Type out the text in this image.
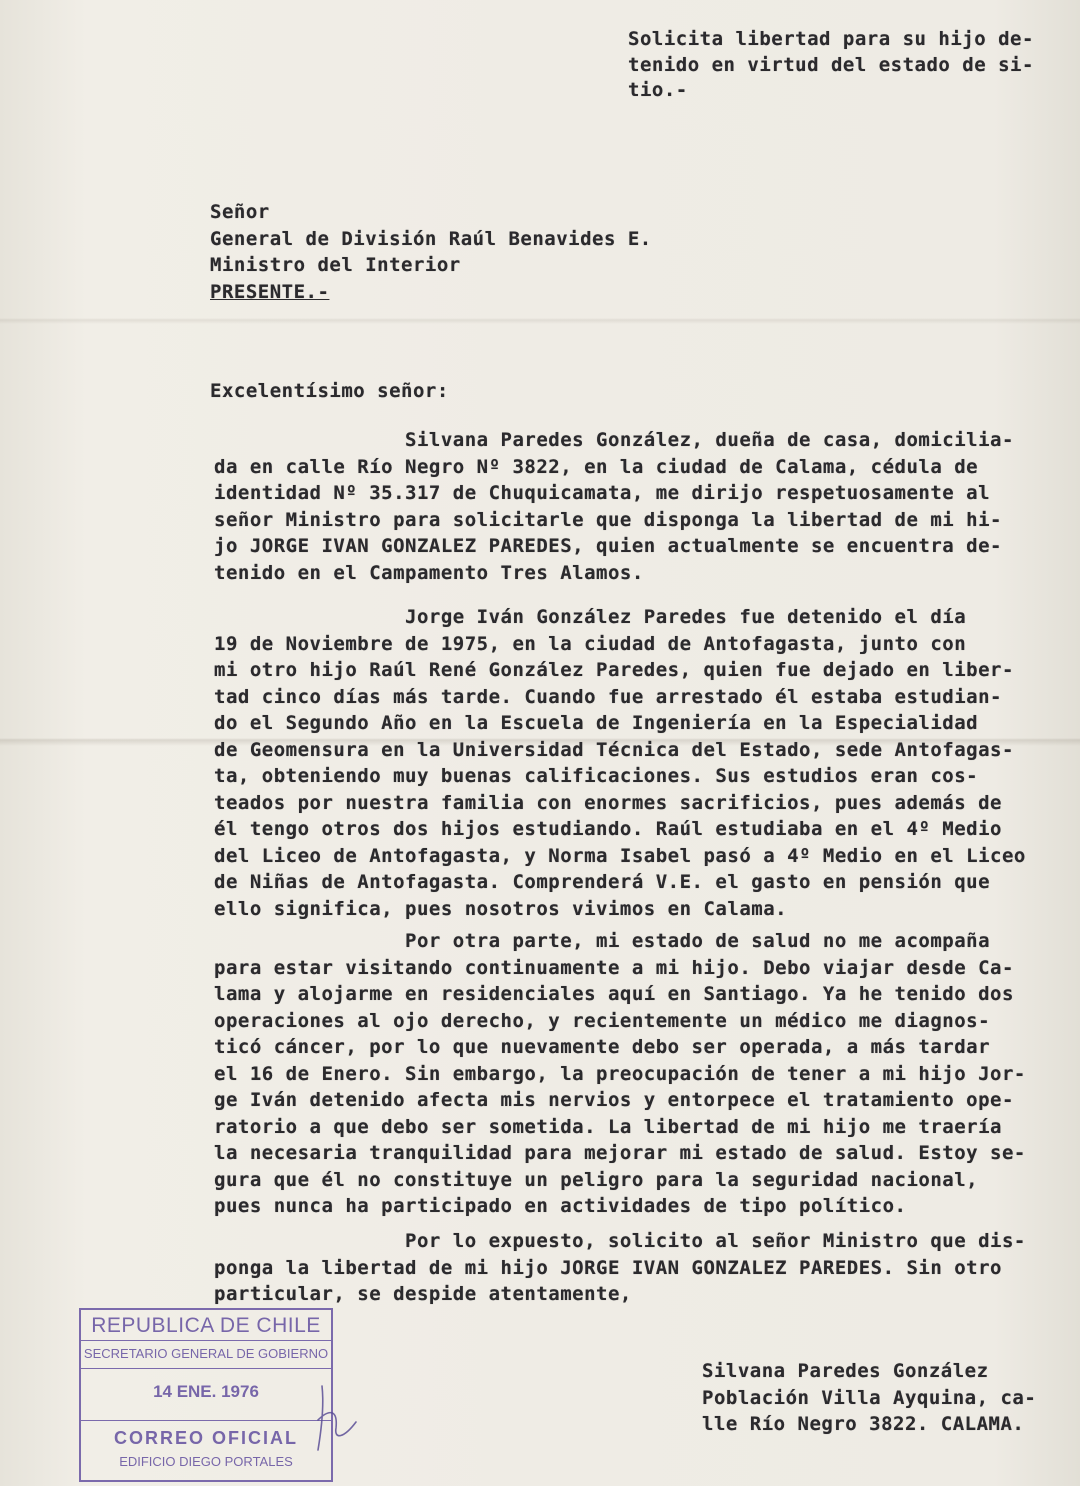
Solicita libertad para su hijo de-
tenido en virtud del estado de si-
tio.-
Señor
General de División Raúl Benavides E.
Ministro del Interior
PRESENTE.-
Excelentísimo señor:
Silvana Paredes González, dueña de casa, domicilia-
da en calle Río Negro Nº 3822, en la ciudad de Calama, cédula de
identidad Nº 35.317 de Chuquicamata, me dirijo respetuosamente al
señor Ministro para solicitarle que disponga la libertad de mi hi-
jo JORGE IVAN GONZALEZ PAREDES, quien actualmente se encuentra de-
tenido en el Campamento Tres Alamos.
Jorge Iván González Paredes fue detenido el día
19 de Noviembre de 1975, en la ciudad de Antofagasta, junto con
mi otro hijo Raúl René González Paredes, quien fue dejado en liber-
tad cinco días más tarde. Cuando fue arrestado él estaba estudian-
do el Segundo Año en la Escuela de Ingeniería en la Especialidad
de Geomensura en la Universidad Técnica del Estado, sede Antofagas-
ta, obteniendo muy buenas calificaciones. Sus estudios eran cos-
teados por nuestra familia con enormes sacrificios, pues además de
él tengo otros dos hijos estudiando. Raúl estudiaba en el 4º Medio
del Liceo de Antofagasta, y Norma Isabel pasó a 4º Medio en el Liceo
de Niñas de Antofagasta. Comprenderá V.E. el gasto en pensión que
ello significa, pues nosotros vivimos en Calama.
Por otra parte, mi estado de salud no me acompaña
para estar visitando continuamente a mi hijo. Debo viajar desde Ca-
lama y alojarme en residenciales aquí en Santiago. Ya he tenido dos
operaciones al ojo derecho, y recientemente un médico me diagnos-
ticó cáncer, por lo que nuevamente debo ser operada, a más tardar
el 16 de Enero. Sin embargo, la preocupación de tener a mi hijo Jor-
ge Iván detenido afecta mis nervios y entorpece el tratamiento ope-
ratorio a que debo ser sometida. La libertad de mi hijo me traería
la necesaria tranquilidad para mejorar mi estado de salud. Estoy se-
gura que él no constituye un peligro para la seguridad nacional,
pues nunca ha participado en actividades de tipo político.
Por lo expuesto, solicito al señor Ministro que dis-
ponga la libertad de mi hijo JORGE IVAN GONZALEZ PAREDES. Sin otro
particular, se despide atentamente,
Silvana Paredes González
Población Villa Ayquina, ca-
lle Río Negro 3822. CALAMA.
REPUBLICA DE CHILE
SECRETARIO GENERAL DE GOBIERNO
14 ENE. 1976
CORREO OFICIAL
EDIFICIO DIEGO PORTALES
